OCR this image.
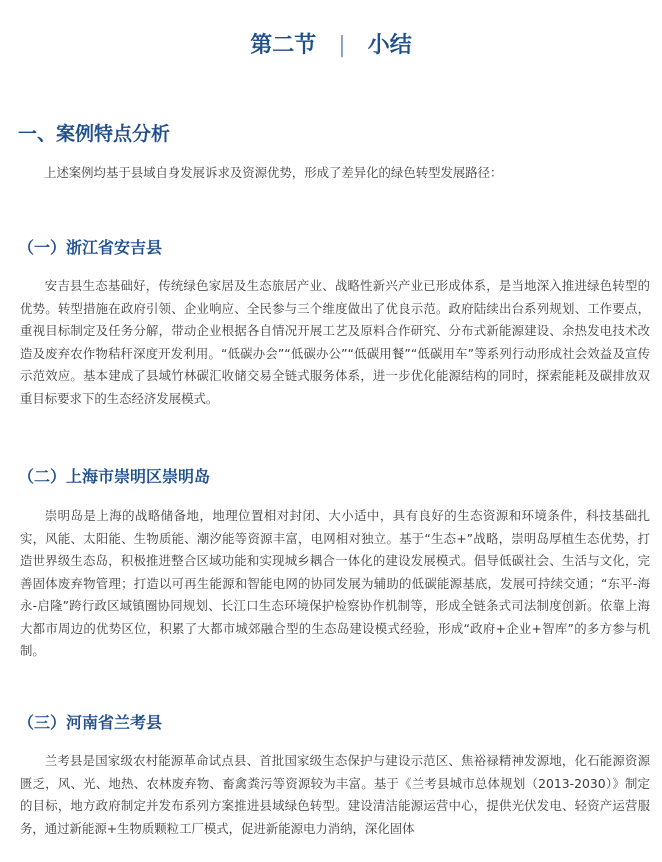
第二节 | 小结
一、案例特点分析
上述案例均基于县域自身发展诉求及资源优势，形成了差异化的绿色转型发展路径：
（一）浙江省安吉县
安吉县生态基础好，传统绿色家居及生态旅居产业、战略性新兴产业已形成体系，是当地深入推进绿色转型的优势。转型措施在政府引领、企业响应、全民参与三个维度做出了优良示范。政府陆续出台系列规划、工作要点，重视目标制定及任务分解，带动企业根据各自情况开展工艺及原料合作研究、分布式新能源建设、余热发电技术改造及废弃农作物秸秆深度开发利用。“低碳办会”“低碳办公”“低碳用餐”“低碳用车”等系列行动形成社会效益及宣传示范效应。基本建成了县域竹林碳汇收储交易全链式服务体系，进一步优化能源结构的同时，探索能耗及碳排放双重目标要求下的生态经济发展模式。
（二）上海市崇明区崇明岛
崇明岛是上海的战略储备地，地理位置相对封闭、大小适中，具有良好的生态资源和环境条件，科技基础扎实，风能、太阳能、生物质能、潮汐能等资源丰富，电网相对独立。基于“生态+”战略，崇明岛厚植生态优势，打造世界级生态岛，积极推进整合区域功能和实现城乡耦合一体化的建设发展模式。倡导低碳社会、生活与文化，完善固体废弃物管理；打造以可再生能源和智能电网的协同发展为辅助的低碳能源基底，发展可持续交通；“东平-海永-启隆”跨行政区域镇圈协同规划、长江口生态环境保护检察协作机制等，形成全链条式司法制度创新。依靠上海大都市周边的优势区位，积累了大都市城郊融合型的生态岛建设模式经验，形成“政府+企业+智库”的多方参与机制。
（三）河南省兰考县
兰考县是国家级农村能源革命试点县、首批国家级生态保护与建设示范区、焦裕禄精神发源地，化石能源资源匮乏，风、光、地热、农林废弃物、畜禽粪污等资源较为丰富。基于《兰考县城市总体规划（2013-2030）》制定的目标，地方政府制定并发布系列方案推进县域绿色转型。建设清洁能源运营中心，提供光伏发电、轻资产运营服务，通过新能源+生物质颗粒工厂模式，促进新能源电力消纳，深化固体
